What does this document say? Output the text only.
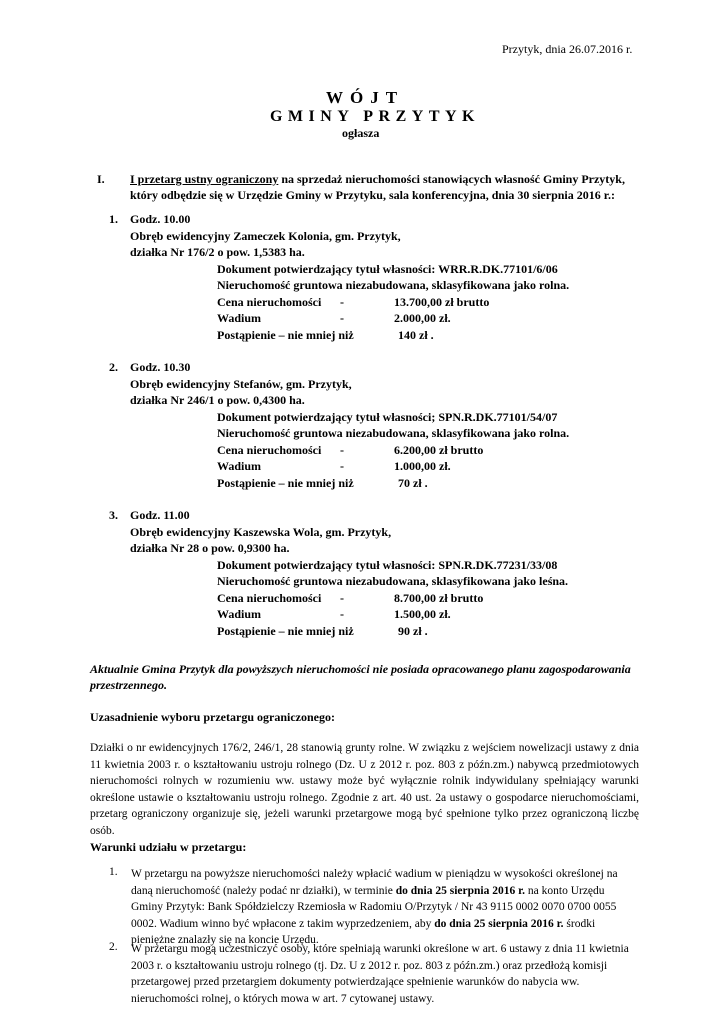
Przytyk, dnia 26.07.2016 r.
WÓJT
GMINY PRZYTYK
ogłasza
I. I przetarg ustny ograniczony na sprzedaż nieruchomości stanowiących własność Gminy Przytyk,
który odbędzie się w Urzędzie Gminy w Przytyku, sala konferencyjna, dnia 30 sierpnia 2016 r.:
1. Godz. 10.00
Obręb ewidencyjny Zameczek Kolonia, gm. Przytyk,
działka Nr 176/2 o pow. 1,5383 ha.
Dokument potwierdzający tytuł własności: WRR.R.DK.77101/6/06
Nieruchomość gruntowa niezabudowana, sklasyfikowana jako rolna.
Cena nieruchomości -	13.700,00 zł brutto
Wadium	-	2.000,00 zł.
Postąpienie – nie mniej niż	140 zł .
2. Godz. 10.30
Obręb ewidencyjny Stefanów, gm. Przytyk,
działka Nr 246/1 o pow. 0,4300 ha.
Dokument potwierdzający tytuł własności; SPN.R.DK.77101/54/07
Nieruchomość gruntowa niezabudowana, sklasyfikowana jako rolna.
Cena nieruchomości -	6.200,00 zł brutto
Wadium	-	1.000,00 zł.
Postąpienie – nie mniej niż	70 zł .
3. Godz. 11.00
Obręb ewidencyjny Kaszewska Wola, gm. Przytyk,
działka Nr 28 o pow. 0,9300 ha.
Dokument potwierdzający tytuł własności: SPN.R.DK.77231/33/08
Nieruchomość gruntowa niezabudowana, sklasyfikowana jako leśna.
Cena nieruchomości -	8.700,00 zł brutto
Wadium	-	1.500,00 zł.
Postąpienie – nie mniej niż	90 zł .
Aktualnie Gmina Przytyk dla powyższych nieruchomości nie posiada opracowanego planu zagospodarowania
przestrzennego.
Uzasadnienie wyboru przetargu ograniczonego:
Działki o nr ewidencyjnych 176/2, 246/1, 28 stanowią grunty rolne. W związku z wejściem nowelizacji ustawy z dnia 11 kwietnia 2003 r. o kształtowaniu ustroju rolnego (Dz. U z 2012 r. poz. 803 z późn.zm.) nabywcą przedmiotowych nieruchomości rolnych w rozumieniu ww. ustawy może być wyłącznie rolnik indywidulany spełniający warunki określone ustawie o kształtowaniu ustroju rolnego. Zgodnie z art. 40 ust. 2a ustawy o gospodarce nieruchomościami, przetarg ograniczony organizuje się, jeżeli warunki przetargowe mogą być spełnione tylko przez ograniczoną liczbę osób.
Warunki udziału w przetargu:
1. W przetargu na powyższe nieruchomości należy wpłacić wadium w pieniądzu w wysokości określonej na daną nieruchomość (należy podać nr działki), w terminie do dnia 25 sierpnia 2016 r. na konto Urzędu Gminy Przytyk: Bank Spółdzielczy Rzemiosła w Radomiu O/Przytyk / Nr 43 9115 0002 0070 0700 0055 0002. Wadium winno być wpłacone z takim wyprzedzeniem, aby do dnia 25 sierpnia 2016 r. środki pieniężne znalazły się na koncie Urzędu.
2. W przetargu mogą uczestniczyć osoby, które spełniają warunki określone w art. 6 ustawy z dnia 11 kwietnia 2003 r. o kształtowaniu ustroju rolnego (tj. Dz. U z 2012 r. poz. 803 z późn.zm.) oraz przedłożą komisji przetargowej przed przetargiem dokumenty potwierdzające spełnienie warunków do nabycia ww. nieruchomości rolnej, o których mowa w art. 7 cytowanej ustawy.
